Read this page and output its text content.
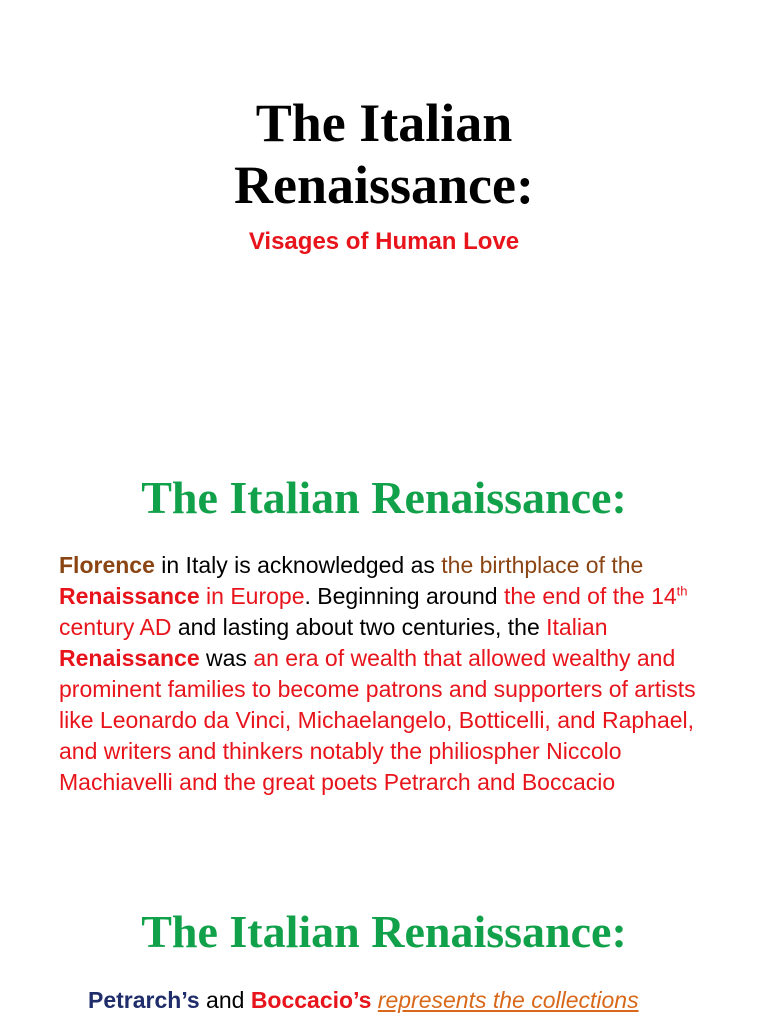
The Italian
Renaissance:
Visages of Human Love
The Italian Renaissance:

Florence in Italy is acknowledged as the birthplace of the Renaissance in Europe. Beginning around the end of the 14th century AD and lasting about two centuries, the Italian Renaissance was an era of wealth that allowed wealthy and prominent families to become patrons and supporters of artists like Leonardo da Vinci, Michaelangelo, Botticelli, and Raphael, and writers and thinkers notably the philiospher Niccolo Machiavelli and the great poets Petrarch and Boccacio

The Italian Renaissance:

Petrarch’s and Boccacio’s represents the collections
